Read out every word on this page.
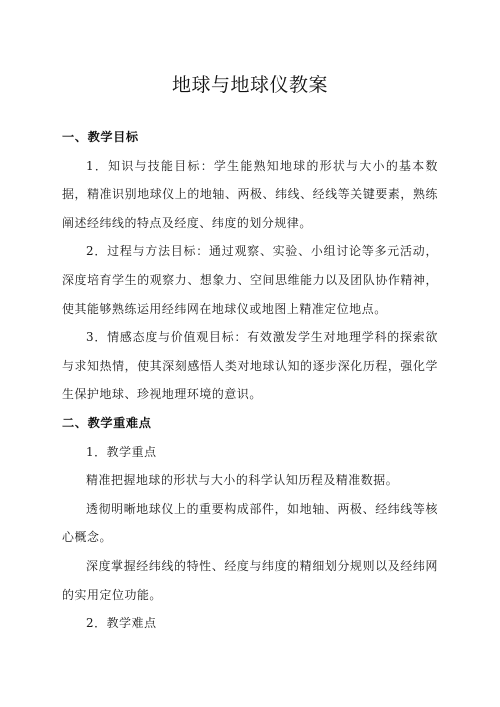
地球与地球仪教案

一、教学目标

1．知识与技能目标：学生能熟知地球的形状与大小的基本数据，精准识别地球仪上的地轴、两极、纬线、经线等关键要素，熟练阐述经纬线的特点及经度、纬度的划分规律。

2．过程与方法目标：通过观察、实验、小组讨论等多元活动，深度培育学生的观察力、想象力、空间思维能力以及团队协作精神，使其能够熟练运用经纬网在地球仪或地图上精准定位地点。

3．情感态度与价值观目标：有效激发学生对地理学科的探索欲与求知热情，使其深刻感悟人类对地球认知的逐步深化历程，强化学生保护地球、珍视地理环境的意识。

二、教学重难点

1．教学重点

精准把握地球的形状与大小的科学认知历程及精准数据。

透彻明晰地球仪上的重要构成部件，如地轴、两极、经纬线等核心概念。

深度掌握经纬线的特性、经度与纬度的精细划分规则以及经纬网的实用定位功能。

2．教学难点
